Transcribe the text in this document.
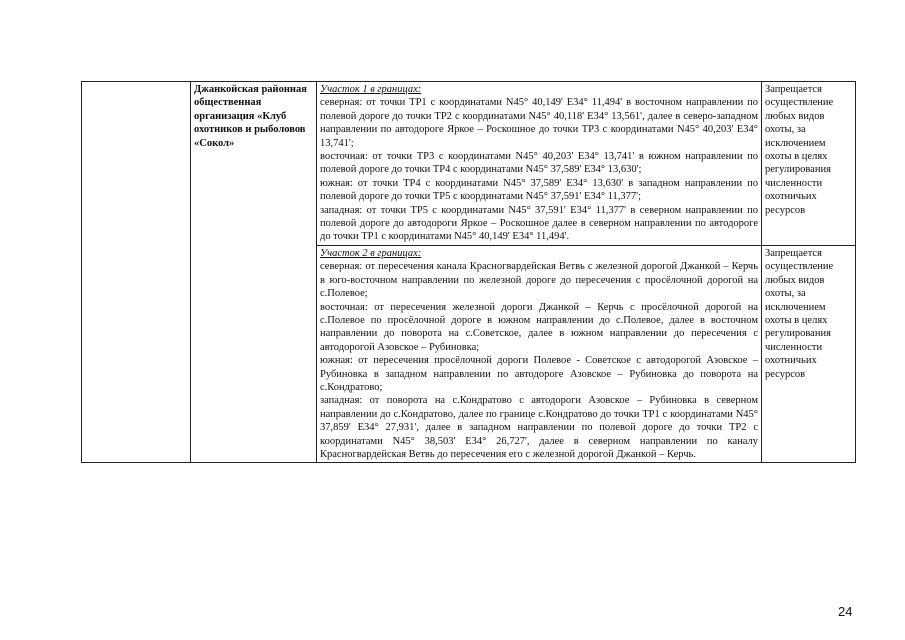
	Джанкойская районная общественная организация «Клуб охотников и рыболовов «Сокол»	Участок 1 в границах:
северная: от точки ТР1 с координатами N45° 40,149' E34° 11,494' в восточном направлении по полевой дороге до точки ТР2 с координатами N45° 40,118' E34° 13,561', далее в северо-западном направлении по автодороге Яркое – Роскошное до точки ТР3 с координатами N45° 40,203' E34° 13,741';
восточная: от точки ТР3 с координатами N45° 40,203' E34° 13,741' в южном направлении по полевой дороге до точки ТР4 с координатами N45° 37,589' E34° 13,630';
южная: от точки ТР4 с координатами N45° 37,589' E34° 13,630' в западном направлении по полевой дороге до точки ТР5 с координатами N45° 37,591' E34° 11,377';
западная: от точки ТР5 с координатами N45° 37,591' E34° 11,377' в северном направлении по полевой дороге до автодороги Яркое – Роскошное далее в северном направлении по автодороге до точки ТР1 с координатами N45° 40,149' E34° 11,494'.	Запрещается осуществление любых видов охоты, за исключением охоты в целях регулирования численности охотничьих ресурсов

		Участок 2 в границах:
северная: от пересечения канала Красногвардейская Ветвь с железной дорогой Джанкой – Керчь в юго-восточном направлении по железной дороге до пересечения с просёлочной дорогой на с.Полевое;
восточная: от пересечения железной дороги Джанкой – Керчь с просёлочной дорогой на с.Полевое по просёлочной дороге в южном направлении до с.Полевое, далее в восточном направлении до поворота на с.Советское, далее в южном направлении до пересечения с автодорогой Азовское – Рубиновка;
южная: от пересечения просёлочной дороги Полевое - Советское с автодорогой Азовское – Рубиновка в западном направлении по автодороге Азовское – Рубиновка до поворота на с.Кондратово;
западная: от поворота на с.Кондратово с автодороги Азовское – Рубиновка в северном направлении до с.Кондратово, далее по границе с.Кондратово до точки ТР1 с координатами N45° 37,859' E34° 27,931', далее в западном направлении по полевой дороге до точки ТР2 с координатами N45° 38,503' E34° 26,727', далее в северном направлении по каналу Красногвардейская Ветвь до пересечения его с железной дорогой Джанкой – Керчь.	Запрещается осуществление любых видов охоты, за исключением охоты в целях регулирования численности охотничьих ресурсов
24
